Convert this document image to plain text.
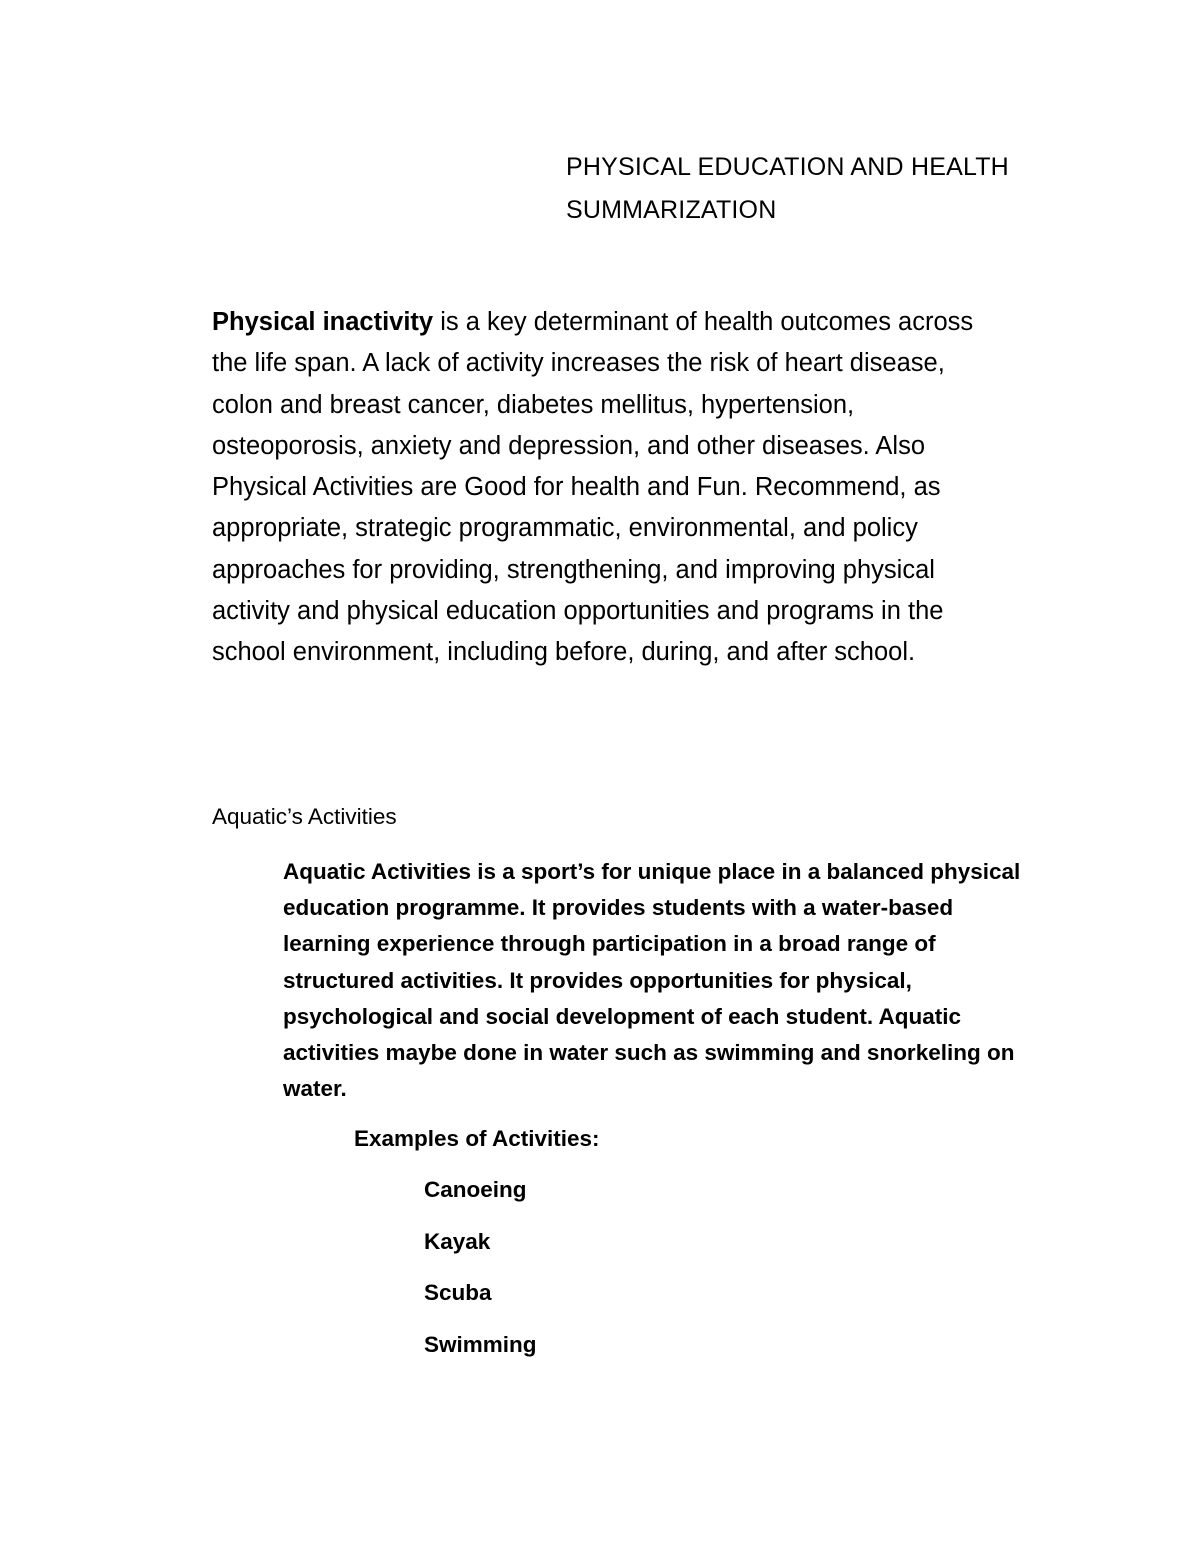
PHYSICAL EDUCATION AND HEALTH
SUMMARIZATION

Physical inactivity is a key determinant of health outcomes across
the life span. A lack of activity increases the risk of heart disease,
colon and breast cancer, diabetes mellitus, hypertension,
osteoporosis, anxiety and depression, and other diseases. Also
Physical Activities are Good for health and Fun. Recommend, as
appropriate, strategic programmatic, environmental, and policy
approaches for providing, strengthening, and improving physical
activity and physical education opportunities and programs in the
school environment, including before, during, and after school.

Aquatic’s Activities

Aquatic Activities is a sport’s for unique place in a balanced physical
education programme. It provides students with a water-based
learning experience through participation in a broad range of
structured activities. It provides opportunities for physical,
psychological and social development of each student. Aquatic
activities maybe done in water such as swimming and snorkeling on
water.

Examples of Activities:

Canoeing
Kayak
Scuba
Swimming
